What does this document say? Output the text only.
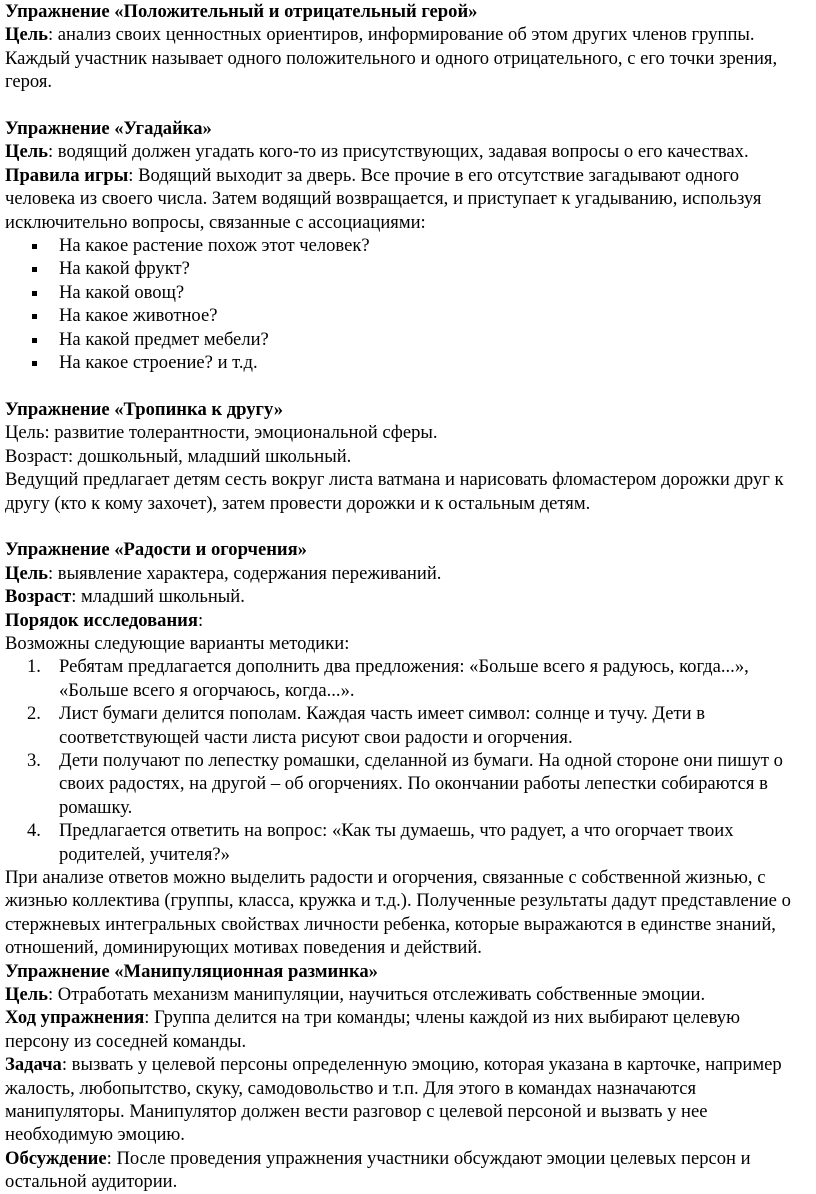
Упражнение «Положительный и отрицательный герой»

Цель: анализ своих ценностных ориентиров, информирование об этом других членов группы. Каждый участник называет одного положительного и одного отрицательного, с его точки зрения, героя.

Упражнение «Угадайка»

Цель: водящий должен угадать кого-то из присутствующих, задавая вопросы о его качествах.

Правила игры: Водящий выходит за дверь. Все прочие в его отсутствие загадывают одного человека из своего числа. Затем водящий возвращается, и приступает к угадыванию, используя исключительно вопросы, связанные с ассоциациями:

На какое растение похож этот человек?
На какой фрукт?
На какой овощ?
На какое животное?
На какой предмет мебели?
На какое строение? и т.д.

Упражнение «Тропинка к другу»

Цель: развитие толерантности, эмоциональной сферы.

Возраст: дошкольный, младший школьный.

Ведущий предлагает детям сесть вокруг листа ватмана и нарисовать фломастером дорожки друг к другу (кто к кому захочет), затем провести дорожки и к остальным детям.

Упражнение «Радости и огорчения»

Цель: выявление характера, содержания переживаний.

Возраст: младший школьный.

Порядок исследования:

Возможны следующие варианты методики:

1. Ребятам предлагается дополнить два предложения: «Больше всего я радуюсь, когда...», «Больше всего я огорчаюсь, когда...».
2. Лист бумаги делится пополам. Каждая часть имеет символ: солнце и тучу. Дети в соответствующей части листа рисуют свои радости и огорчения.
3. Дети получают по лепестку ромашки, сделанной из бумаги. На одной стороне они пишут о своих радостях, на другой – об огорчениях. По окончании работы лепестки собираются в ромашку.
4. Предлагается ответить на вопрос: «Как ты думаешь, что радует, а что огорчает твоих родителей, учителя?»

При анализе ответов можно выделить радости и огорчения, связанные с собственной жизнью, с жизнью коллектива (группы, класса, кружка и т.д.). Полученные результаты дадут представление о стержневых интегральных свойствах личности ребенка, которые выражаются в единстве знаний, отношений, доминирующих мотивах поведения и действий.

Упражнение «Манипуляционная разминка»

Цель: Отработать механизм манипуляции, научиться отслеживать собственные эмоции.

Ход упражнения: Группа делится на три команды; члены каждой из них выбирают целевую персону из соседней команды.

Задача: вызвать у целевой персоны определенную эмоцию, которая указана в карточке, например жалость, любопытство, скуку, самодовольство и т.п. Для этого в командах назначаются манипуляторы. Манипулятор должен вести разговор с целевой персоной и вызвать у нее необходимую эмоцию.

Обсуждение: После проведения упражнения участники обсуждают эмоции целевых персон и остальной аудитории.
